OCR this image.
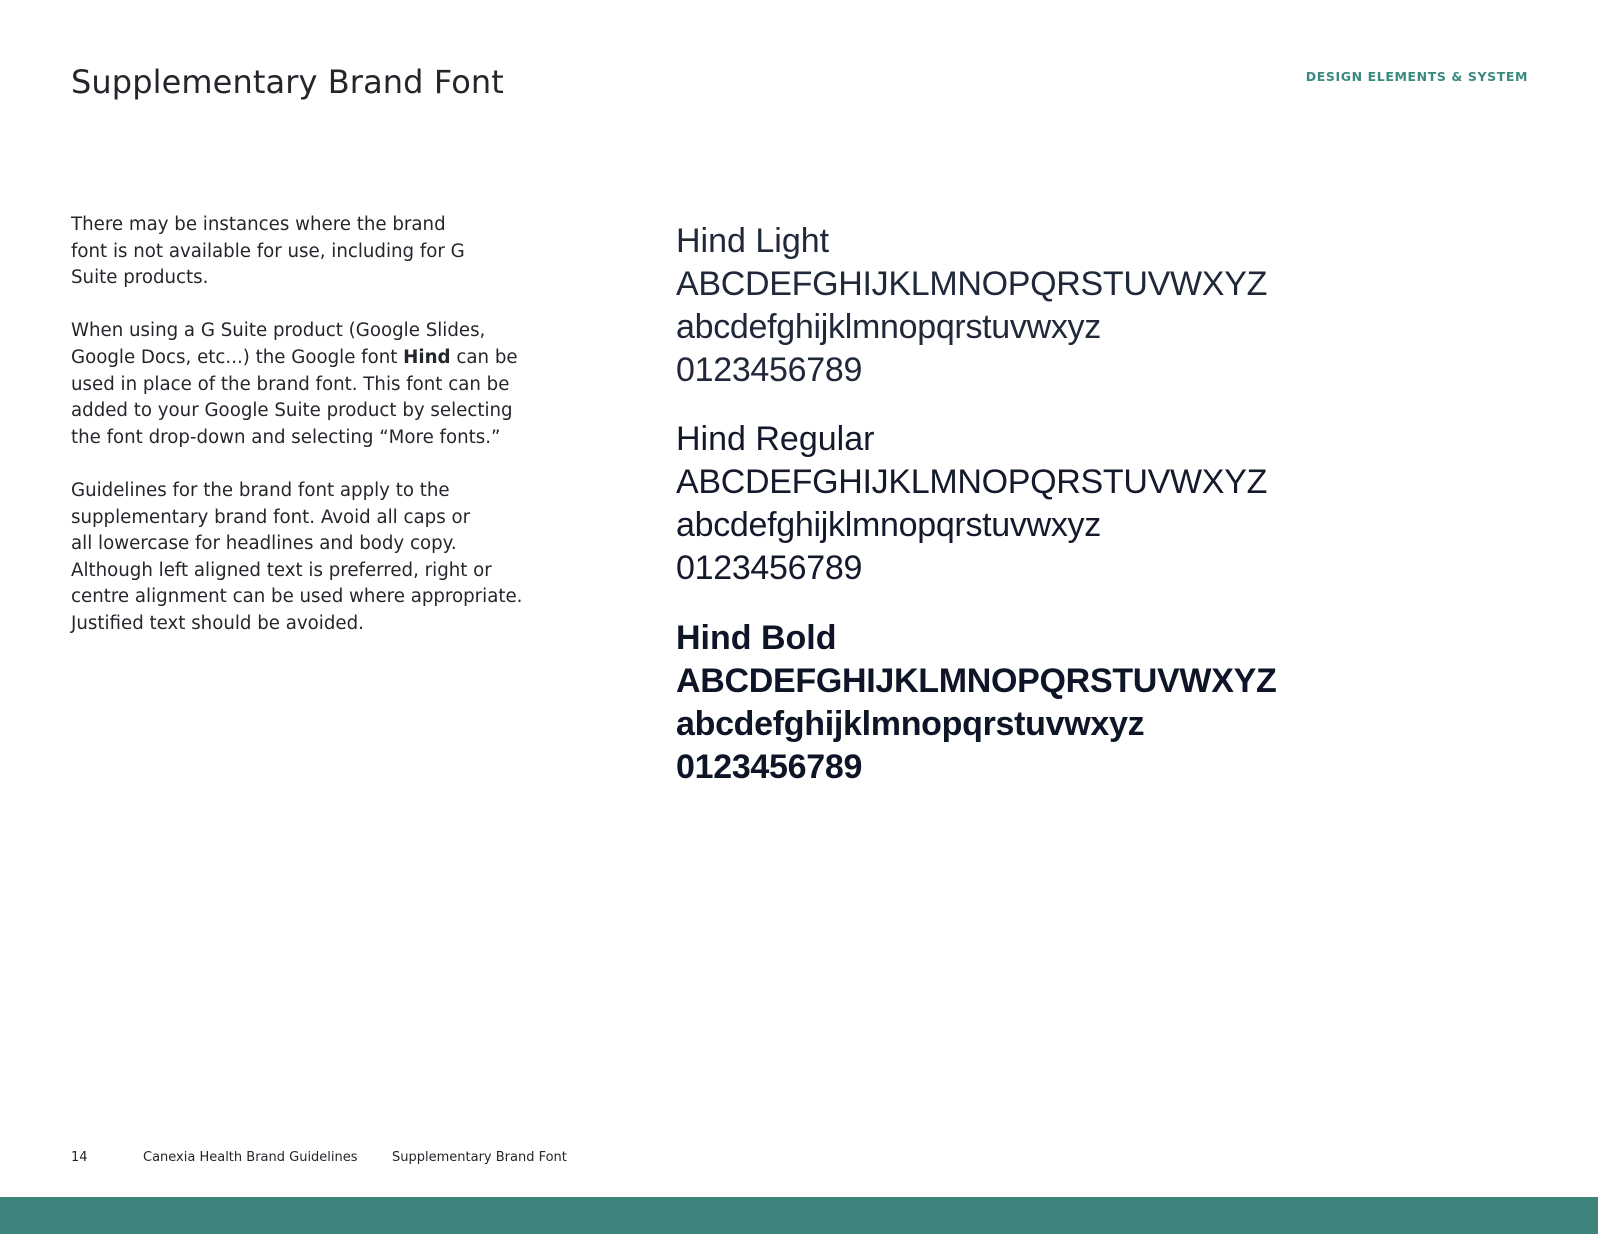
Supplementary Brand Font	DESIGN ELEMENTS & SYSTEM

There may be instances where the brand
font is not available for use, including for G
Suite products.

When using a G Suite product (Google Slides,
Google Docs, etc...) the Google font Hind can be
used in place of the brand font. This font can be
added to your Google Suite product by selecting
the font drop-down and selecting “More fonts.”

Guidelines for the brand font apply to the
supplementary brand font. Avoid all caps or
all lowercase for headlines and body copy.
Although left aligned text is preferred, right or
centre alignment can be used where appropriate.
Justified text should be avoided.

Hind Light
ABCDEFGHIJKLMNOPQRSTUVWXYZ
abcdefghijklmnopqrstuvwxyz
0123456789
Hind Regular
ABCDEFGHIJKLMNOPQRSTUVWXYZ
abcdefghijklmnopqrstuvwxyz
0123456789
Hind Bold
ABCDEFGHIJKLMNOPQRSTUVWXYZ
abcdefghijklmnopqrstuvwxyz
0123456789
14	Canexia Health Brand Guidelines	Supplementary Brand Font
